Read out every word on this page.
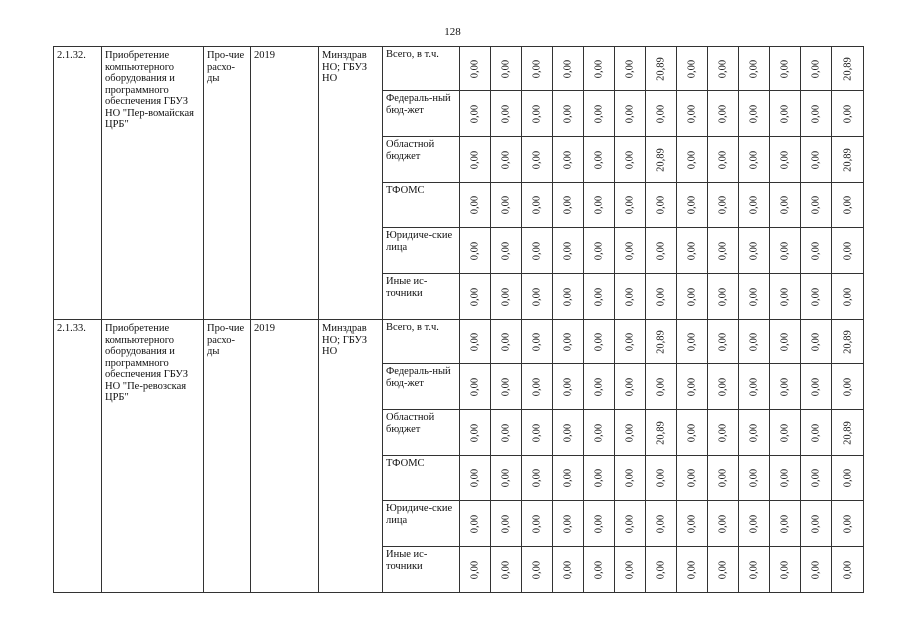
128
2.1.32.	Приобретение компьютерного оборудования и программного обеспечения ГБУЗ НО "Пер-вомайская ЦРБ"	Про-чие расхо-ды	2019	Минздрав НО; ГБУЗ НО	Всего, в т.ч.	0,00	0,00	0,00	0,00	0,00	0,00	20,89	0,00	0,00	0,00	0,00	0,00	20,89

					Федераль-ный бюд-жет	0,00	0,00	0,00	0,00	0,00	0,00	0,00	0,00	0,00	0,00	0,00	0,00	0,00

					Областной бюджет	0,00	0,00	0,00	0,00	0,00	0,00	20,89	0,00	0,00	0,00	0,00	0,00	20,89

					ТФОМС	0,00	0,00	0,00	0,00	0,00	0,00	0,00	0,00	0,00	0,00	0,00	0,00	0,00

					Юридиче-ские лица	0,00	0,00	0,00	0,00	0,00	0,00	0,00	0,00	0,00	0,00	0,00	0,00	0,00

					Иные ис-точники	0,00	0,00	0,00	0,00	0,00	0,00	0,00	0,00	0,00	0,00	0,00	0,00	0,00

2.1.33.	Приобретение компьютерного оборудования и программного обеспечения ГБУЗ НО "Пе-ревозская ЦРБ"	Про-чие расхо-ды	2019	Минздрав НО; ГБУЗ НО	Всего, в т.ч.	0,00	0,00	0,00	0,00	0,00	0,00	20,89	0,00	0,00	0,00	0,00	0,00	20,89

					Федераль-ный бюд-жет	0,00	0,00	0,00	0,00	0,00	0,00	0,00	0,00	0,00	0,00	0,00	0,00	0,00

					Областной бюджет	0,00	0,00	0,00	0,00	0,00	0,00	20,89	0,00	0,00	0,00	0,00	0,00	20,89

					ТФОМС	0,00	0,00	0,00	0,00	0,00	0,00	0,00	0,00	0,00	0,00	0,00	0,00	0,00

					Юридиче-ские лица	0,00	0,00	0,00	0,00	0,00	0,00	0,00	0,00	0,00	0,00	0,00	0,00	0,00

					Иные ис-точники	0,00	0,00	0,00	0,00	0,00	0,00	0,00	0,00	0,00	0,00	0,00	0,00	0,00
